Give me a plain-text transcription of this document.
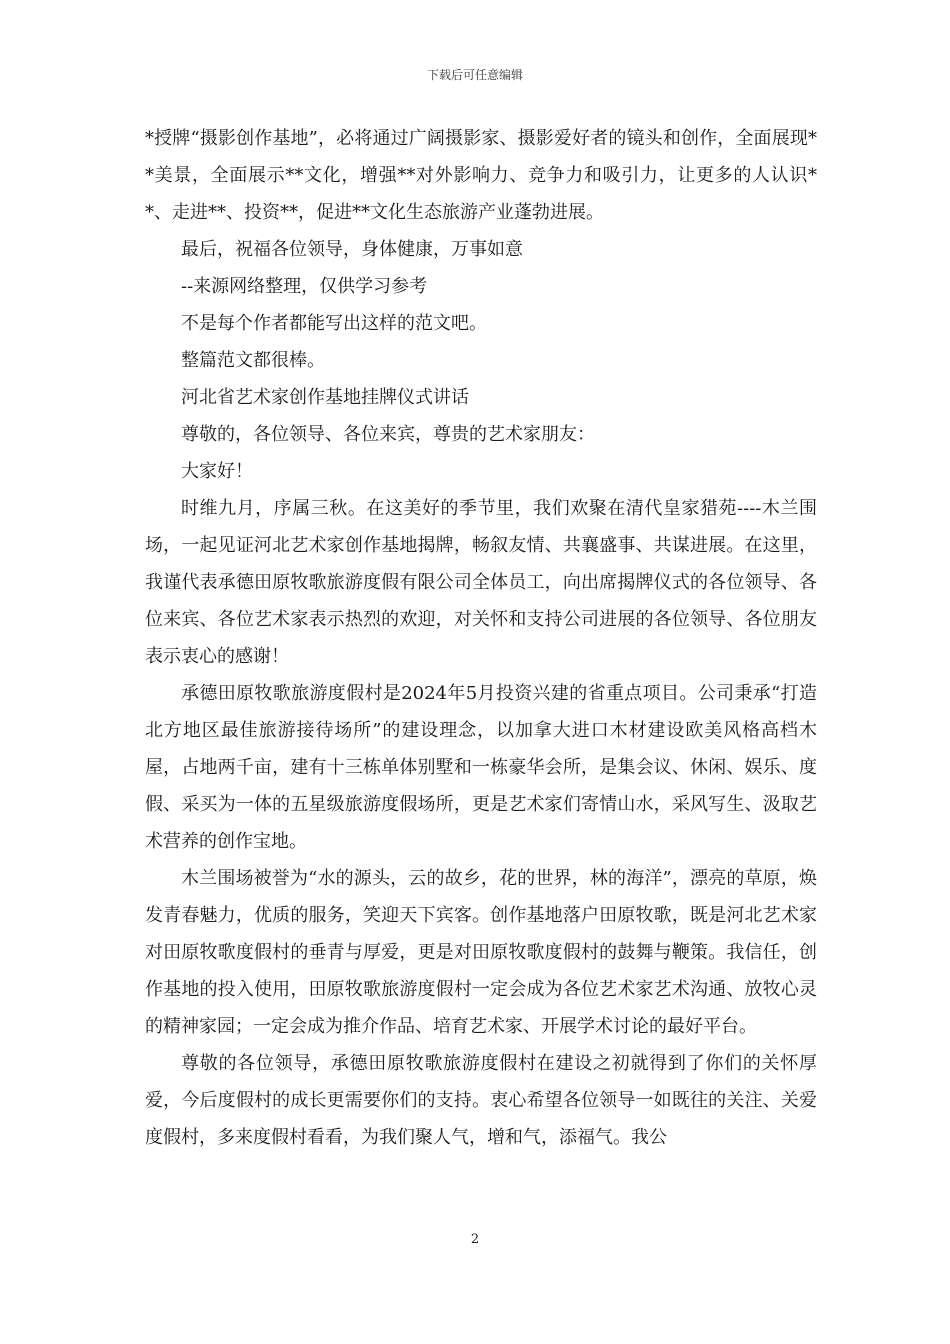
下载后可任意编辑

*授牌“摄影创作基地”，必将通过广阔摄影家、摄影爱好者的镜头和创作，全面展现**美景，全面展示**文化，增强**对外影响力、竞争力和吸引力，让更多的人认识**、走进**、投资**，促进**文化生态旅游产业蓬勃进展。

最后，祝福各位领导，身体健康，万事如意

--来源网络整理，仅供学习参考

不是每个作者都能写出这样的范文吧。

整篇范文都很棒。

河北省艺术家创作基地挂牌仪式讲话

尊敬的，各位领导、各位来宾，尊贵的艺术家朋友：

大家好！

时维九月，序属三秋。在这美好的季节里，我们欢聚在清代皇家猎苑----木兰围场，一起见证河北艺术家创作基地揭牌，畅叙友情、共襄盛事、共谋进展。在这里，我谨代表承德田原牧歌旅游度假有限公司全体员工，向出席揭牌仪式的各位领导、各位来宾、各位艺术家表示热烈的欢迎，对关怀和支持公司进展的各位领导、各位朋友表示衷心的感谢！

承德田原牧歌旅游度假村是2024年5月投资兴建的省重点项目。公司秉承“打造北方地区最佳旅游接待场所”的建设理念，以加拿大进口木材建设欧美风格高档木屋，占地两千亩，建有十三栋单体别墅和一栋豪华会所，是集会议、休闲、娱乐、度假、采买为一体的五星级旅游度假场所，更是艺术家们寄情山水，采风写生、汲取艺术营养的创作宝地。

木兰围场被誉为“水的源头，云的故乡，花的世界，林的海洋”，漂亮的草原，焕发青春魅力，优质的服务，笑迎天下宾客。创作基地落户田原牧歌，既是河北艺术家对田原牧歌度假村的垂青与厚爱，更是对田原牧歌度假村的鼓舞与鞭策。我信任，创作基地的投入使用，田原牧歌旅游度假村一定会成为各位艺术家艺术沟通、放牧心灵的精神家园；一定会成为推介作品、培育艺术家、开展学术讨论的最好平台。

尊敬的各位领导，承德田原牧歌旅游度假村在建设之初就得到了你们的关怀厚爱，今后度假村的成长更需要你们的支持。衷心希望各位领导一如既往的关注、关爱度假村，多来度假村看看，为我们聚人气，增和气，添福气。我公

2
